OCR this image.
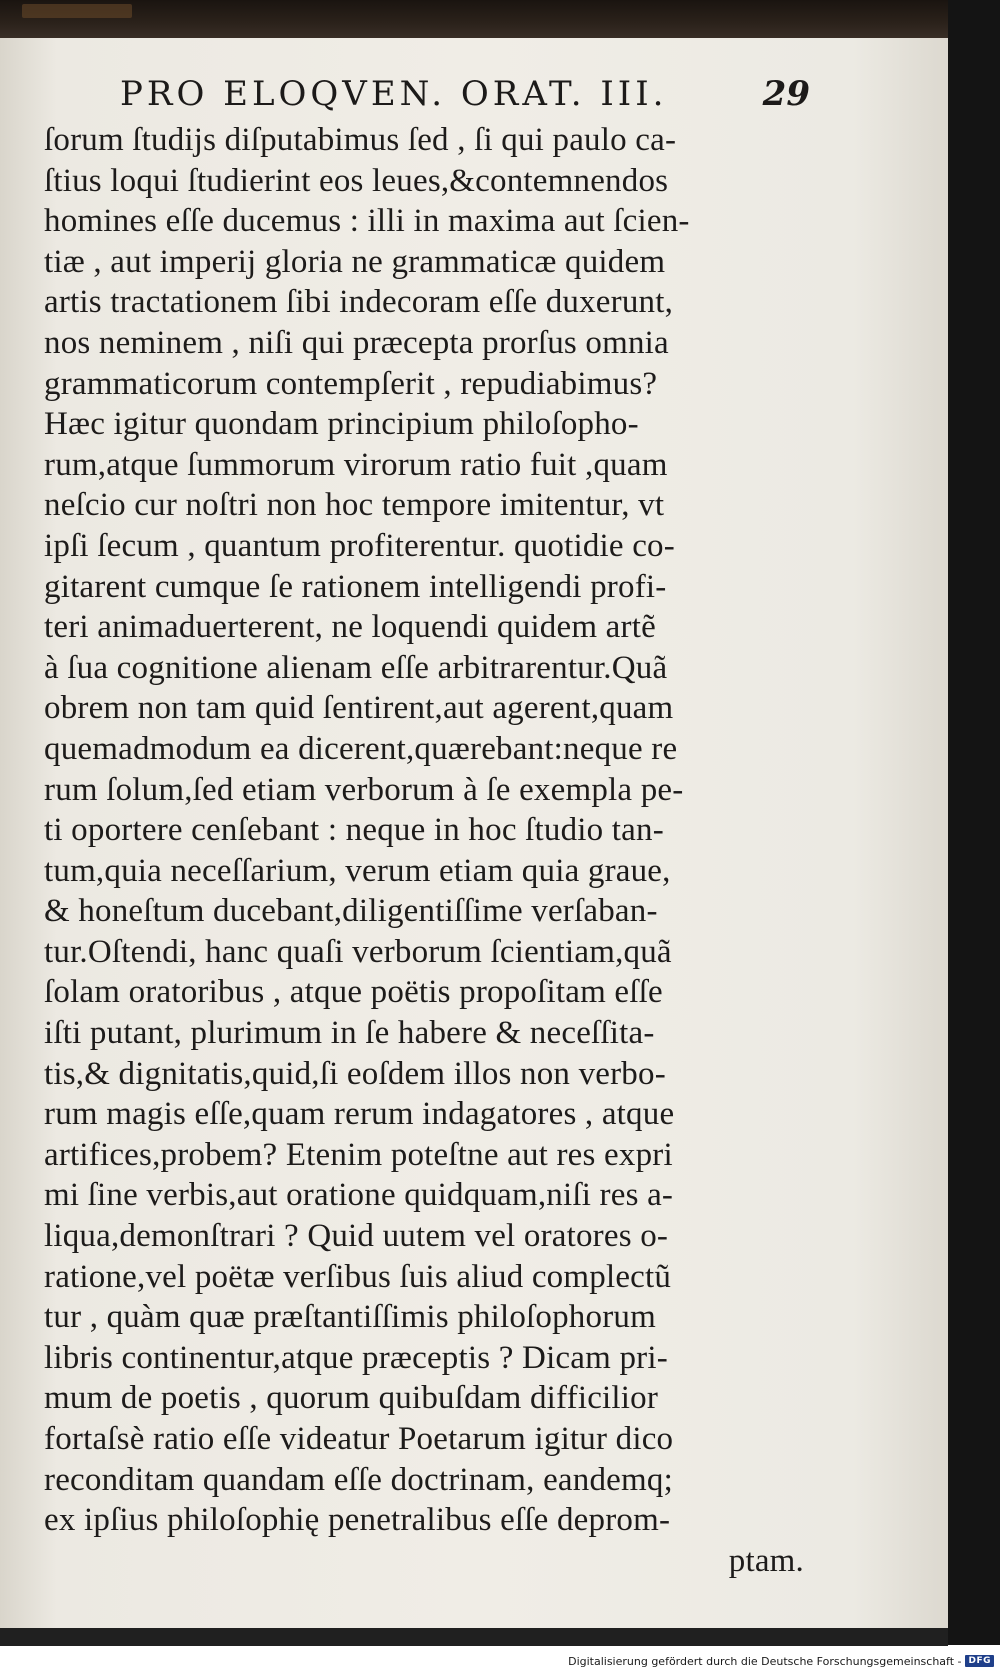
PRO ELOQVEN. ORAT. III.	29
ſorum ſtudijs diſputabimus ſed , ſi qui paulo ca-
ſtius loqui ſtudierint eos leues,&contemnendos
homines eſſe ducemus : illi in maxima aut ſcien-
tiæ , aut imperij gloria ne grammaticæ quidem
artis tractationem ſibi indecoram eſſe duxerunt,
nos neminem , niſi qui præcepta prorſus omnia
grammaticorum contempſerit , repudiabimus?
Hæc igitur quondam principium philoſopho-
rum,atque ſummorum virorum ratio fuit ,quam
neſcio cur noſtri non hoc tempore imitentur, vt
ipſi ſecum , quantum profiterentur. quotidie co-
gitarent cumque ſe rationem intelligendi profi-
teri animaduerterent, ne loquendi quidem artẽ
à ſua cognitione alienam eſſe arbitrarentur.Quã
obrem non tam quid ſentirent,aut agerent,quam
quemadmodum ea dicerent,quærebant:neque re
rum ſolum,ſed etiam verborum à ſe exempla pe-
ti oportere cenſebant : neque in hoc ſtudio tan-
tum,quia neceſſarium, verum etiam quia graue,
& honeſtum ducebant,diligentiſſime verſaban-
tur.Oſtendi, hanc quaſi verborum ſcientiam,quã
ſolam oratoribus , atque poëtis propoſitam eſſe
iſti putant, plurimum in ſe habere & neceſſita-
tis,& dignitatis,quid,ſi eoſdem illos non verbo-
rum magis eſſe,quam rerum indagatores , atque
artifices,probem? Etenim poteſtne aut res expri
mi ſine verbis,aut oratione quidquam,niſi res a-
liqua,demonſtrari ? Quid uutem vel oratores o-
ratione,vel poëtæ verſibus ſuis aliud complectũ
tur , quàm quæ præſtantiſſimis philoſophorum
libris continentur,atque præceptis ? Dicam pri-
mum de poetis , quorum quibuſdam difficilior
fortaſsè ratio eſſe videatur Poetarum igitur dico
reconditam quandam eſſe doctrinam, eandemq;
ex ipſius philoſophię penetralibus eſſe deprom-
ptam.
Digitalisierung gefördert durch die Deutsche Forschungsgemeinschaft - DFG
